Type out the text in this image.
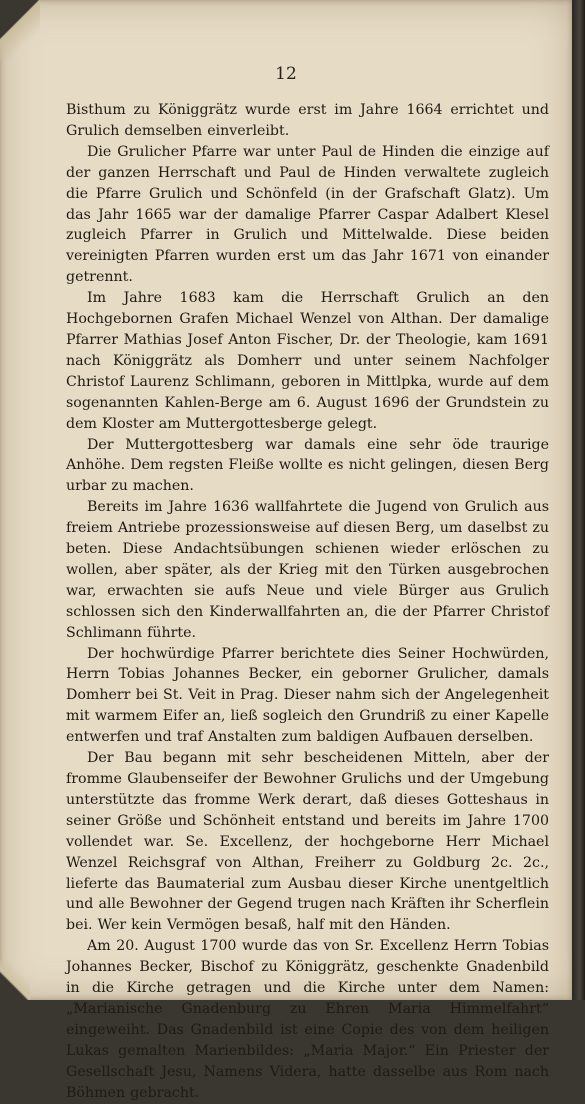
12

Bisthum zu Königgrätz wurde erst im Jahre 1664 errichtet und Grulich demselben einverleibt.

Die Grulicher Pfarre war unter Paul de Hinden die einzige auf der ganzen Herrschaft und Paul de Hinden verwaltete zugleich die Pfarre Grulich und Schönfeld (in der Grafschaft Glatz). Um das Jahr 1665 war der damalige Pfarrer Caspar Adalbert Klesel zugleich Pfarrer in Grulich und Mittelwalde. Diese beiden vereinigten Pfarren wurden erst um das Jahr 1671 von einander getrennt.

Im Jahre 1683 kam die Herrschaft Grulich an den Hochgebornen Grafen Michael Wenzel von Althan. Der damalige Pfarrer Mathias Josef Anton Fischer, Dr. der Theologie, kam 1691 nach Königgrätz als Domherr und unter seinem Nachfolger Christof Laurenz Schlimann, geboren in Mittlpka, wurde auf dem sogenannten Kahlen-Berge am 6. August 1696 der Grundstein zu dem Kloster am Muttergottesberge gelegt.

Der Muttergottesberg war damals eine sehr öde traurige Anhöhe. Dem regsten Fleiße wollte es nicht gelingen, diesen Berg urbar zu machen.

Bereits im Jahre 1636 wallfahrtete die Jugend von Grulich aus freiem Antriebe prozessionsweise auf diesen Berg, um daselbst zu beten. Diese Andachtsübungen schienen wieder erlöschen zu wollen, aber später, als der Krieg mit den Türken ausgebrochen war, erwachten sie aufs Neue und viele Bürger aus Grulich schlossen sich den Kinderwallfahrten an, die der Pfarrer Christof Schlimann führte.

Der hochwürdige Pfarrer berichtete dies Seiner Hochwürden, Herrn Tobias Johannes Becker, ein geborner Grulicher, damals Domherr bei St. Veit in Prag. Dieser nahm sich der Angelegenheit mit warmem Eifer an, ließ sogleich den Grundriß zu einer Kapelle entwerfen und traf Anstalten zum baldigen Aufbauen derselben.

Der Bau begann mit sehr bescheidenen Mitteln, aber der fromme Glaubenseifer der Bewohner Grulichs und der Umgebung unterstützte das fromme Werk derart, daß dieses Gotteshaus in seiner Größe und Schönheit entstand und bereits im Jahre 1700 vollendet war. Se. Excellenz, der hochgeborne Herr Michael Wenzel Reichsgraf von Althan, Freiherr zu Goldburg 2c. 2c., lieferte das Baumaterial zum Ausbau dieser Kirche unentgeltlich und alle Bewohner der Gegend trugen nach Kräften ihr Scherflein bei. Wer kein Vermögen besaß, half mit den Händen.

Am 20. August 1700 wurde das von Sr. Excellenz Herrn Tobias Johannes Becker, Bischof zu Königgrätz, geschenkte Gnadenbild in die Kirche getragen und die Kirche unter dem Namen: „Marianische Gnadenburg zu Ehren Maria Himmelfahrt“ eingeweiht. Das Gnadenbild ist eine Copie des von dem heiligen Lukas gemalten Marienbildes: „Maria Major.“ Ein Priester der Gesellschaft Jesu, Namens Videra, hatte dasselbe aus Rom nach Böhmen gebracht.
